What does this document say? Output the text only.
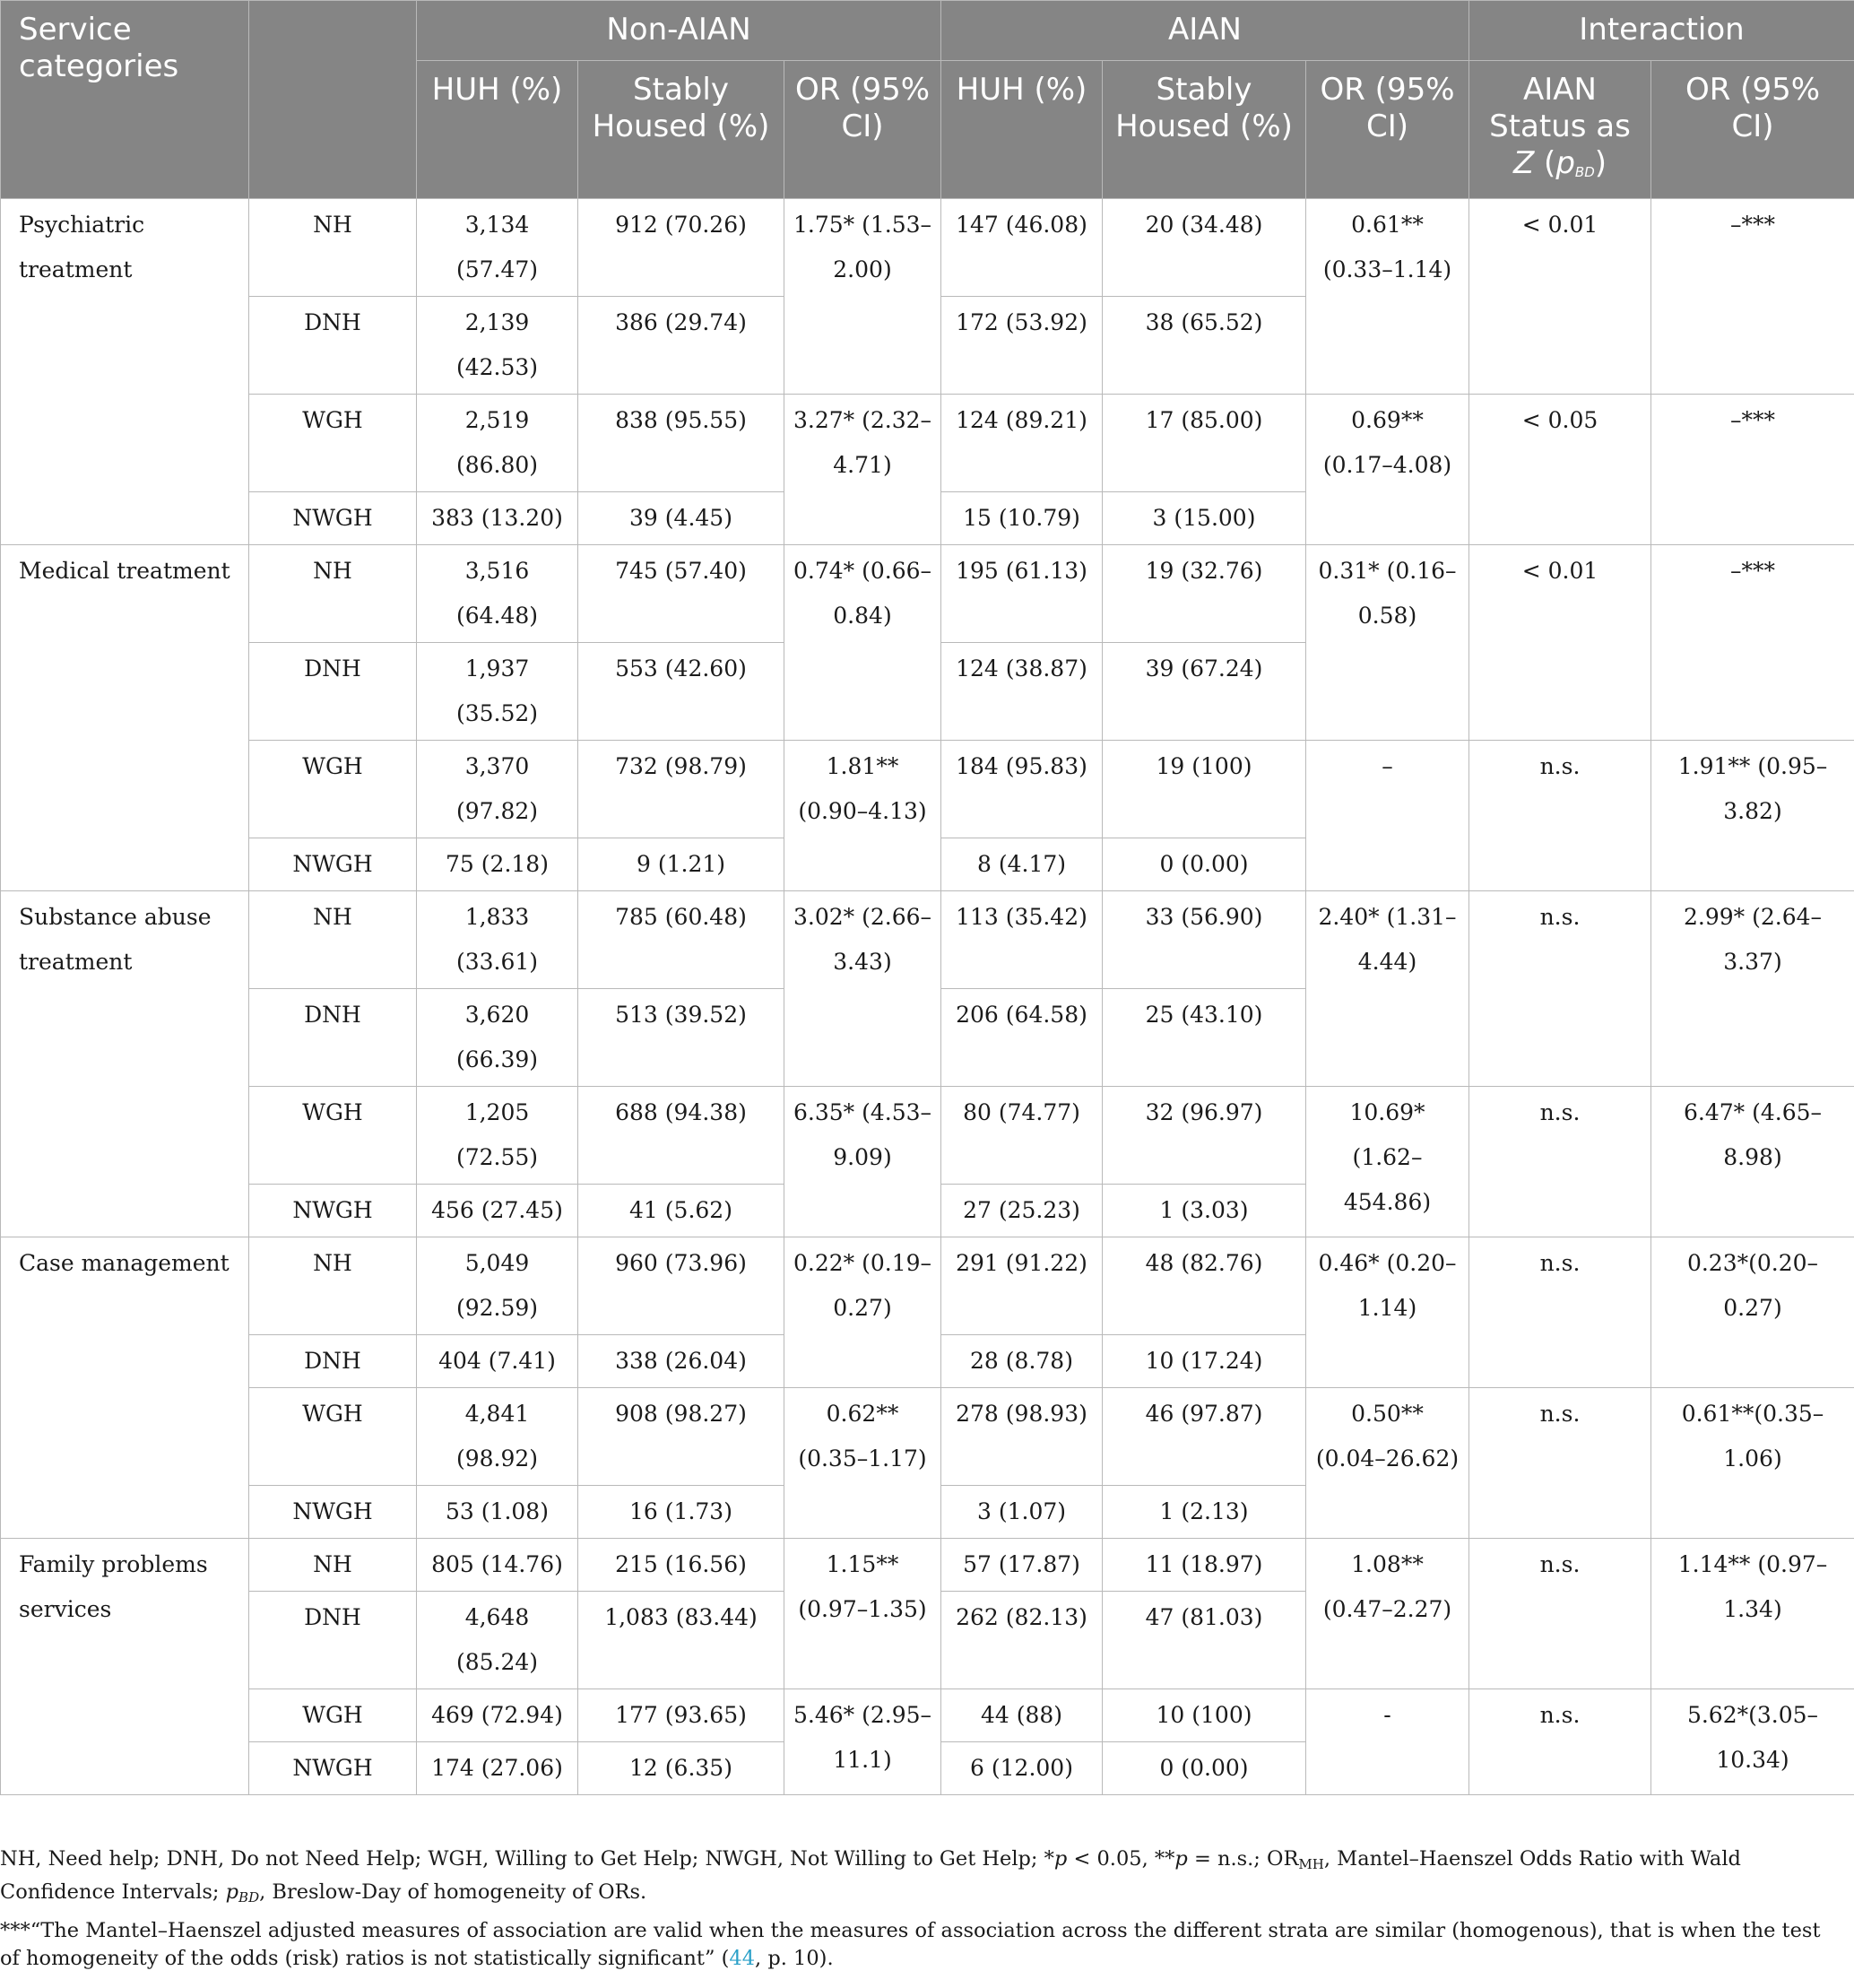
Service categories		Non-AIAN			AIAN			Interaction	
		HUH (%)	Stably Housed (%)	OR (95% CI)	HUH (%)	Stably Housed (%)	OR (95% CI)	AIAN Status as Z $(p_{BD})$	OR (95% CI)
Psychiatric treatment	NH	3,134 (57.47)	912 (70.26)	1.75* (1.53–2.00)	147 (46.08)	20 (34.48)	0.61** (0.33–1.14)	< 0.01	–***
	DNH	2,139 (42.53)	386 (29.74)		172 (53.92)	38 (65.52)			
	WGH	2,519 (86.80)	838 (95.55)	3.27* (2.32–4.71)	124 (89.21)	17 (85.00)	0.69** (0.17–4.08)	< 0.05	–***
	NWGH	383 (13.20)	39 (4.45)		15 (10.79)	3 (15.00)			
Medical treatment	NH	3,516 (64.48)	745 (57.40)	0.74* (0.66–0.84)	195 (61.13)	19 (32.76)	0.31* (0.16–0.58)	< 0.01	–***
	DNH	1,937 (35.52)	553 (42.60)		124 (38.87)	39 (67.24)			
	WGH	3,370 (97.82)	732 (98.79)	1.81** (0.90–4.13)	184 (95.83)	19 (100)	–	n.s.	1.91** (0.95–3.82)
	NWGH	75 (2.18)	9 (1.21)		8 (4.17)	0 (0.00)			
Substance abuse treatment	NH	1,833 (33.61)	785 (60.48)	3.02* (2.66–3.43)	113 (35.42)	33 (56.90)	2.40* (1.31–4.44)	n.s.	2.99* (2.64–3.37)
	DNH	3,620 (66.39)	513 (39.52)		206 (64.58)	25 (43.10)			
	WGH	1,205 (72.55)	688 (94.38)	6.35* (4.53–9.09)	80 (74.77)	32 (96.97)	10.69* (1.62–454.86)	n.s.	6.47* (4.65–8.98)
	NWGH	456 (27.45)	41 (5.62)		27 (25.23)	1 (3.03)			
Case management	NH	5,049 (92.59)	960 (73.96)	0.22* (0.19–0.27)	291 (91.22)	48 (82.76)	0.46* (0.20–1.14)	n.s.	0.23*(0.20–0.27)
	DNH	404 (7.41)	338 (26.04)		28 (8.78)	10 (17.24)			
	WGH	4,841 (98.92)	908 (98.27)	0.62** (0.35–1.17)	278 (98.93)	46 (97.87)	0.50** (0.04–26.62)	n.s.	0.61**(0.35–1.06)
	NWGH	53 (1.08)	16 (1.73)		3 (1.07)	1 (2.13)			
Family problems services	NH	805 (14.76)	215 (16.56)	1.15** (0.97–1.35)	57 (17.87)	11 (18.97)	1.08** (0.47–2.27)	n.s.	1.14** (0.97–1.34)
	DNH	4,648 (85.24)	1,083 (83.44)		262 (82.13)	47 (81.03)			
	WGH	469 (72.94)	177 (93.65)	5.46* (2.95–11.1)	44 (88)	10 (100)	-	n.s.	5.62*(3.05–10.34)
	NWGH	174 (27.06)	12 (6.35)		6 (12.00)	0 (0.00)			

NH, Need help; DNH, Do not Need Help; WGH, Willing to Get Help; NWGH, Not Willing to Get Help; *p < 0.05, **p = n.s.; $OR_{MH}$, Mantel–Haenszel Odds Ratio with Wald Confidence Intervals; $p_{BD}$, Breslow-Day of homogeneity of ORs.

***“The Mantel–Haenszel adjusted measures of association are valid when the measures of association across the different strata are similar (homogenous), that is when the test of homogeneity of the odds (risk) ratios is not statistically significant” (44, p. 10).
